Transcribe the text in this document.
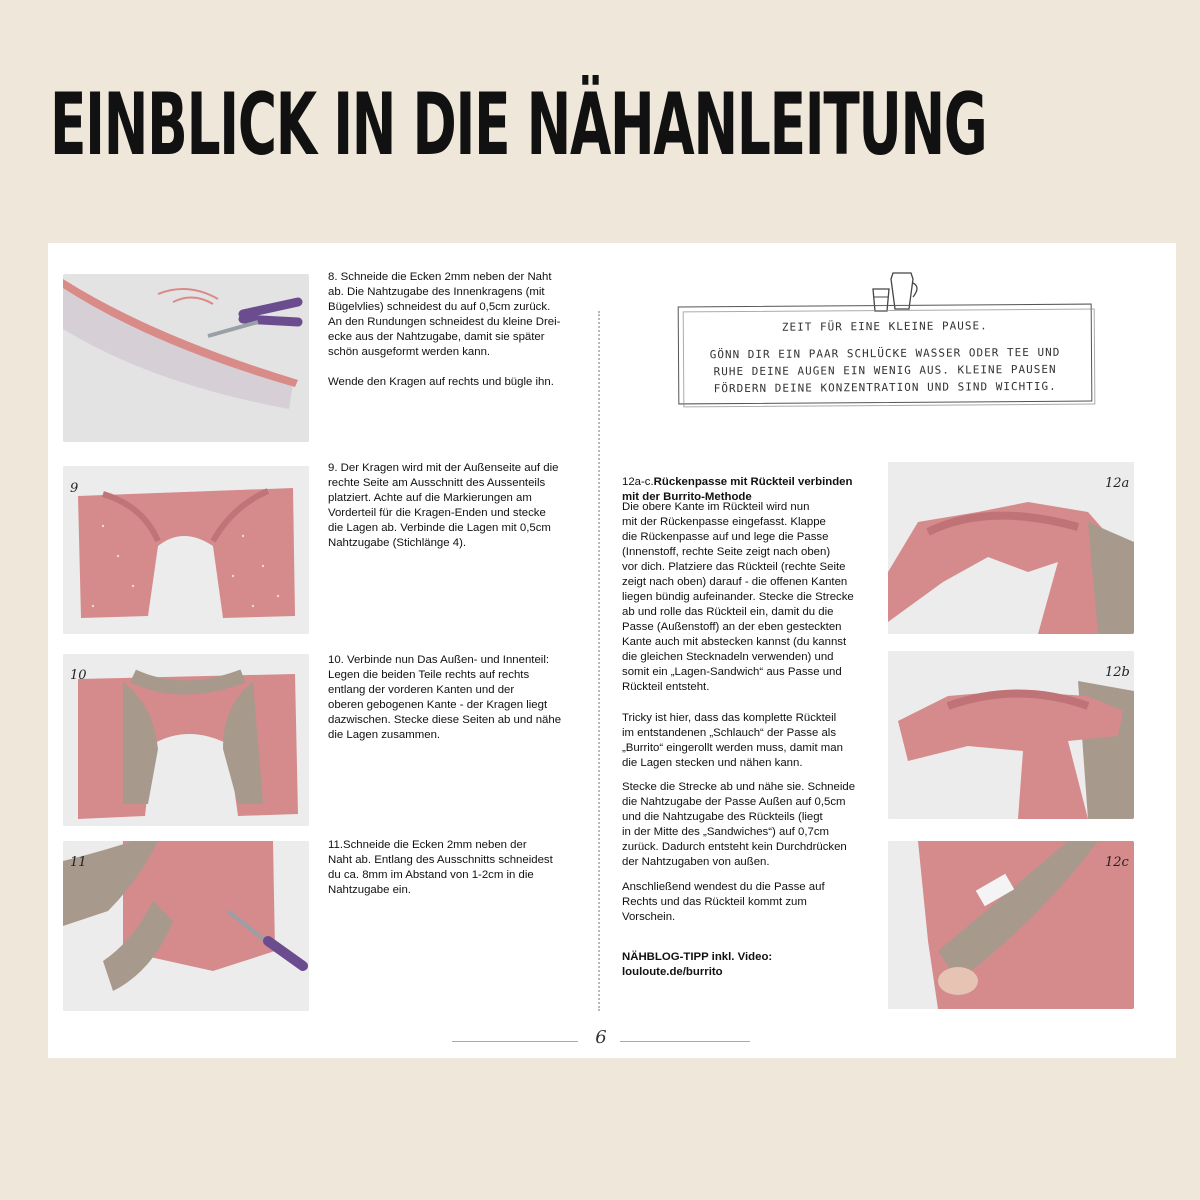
EINBLICK IN DIE NÄHANLEITUNG
8. Schneide die Ecken 2mm neben der Naht
ab. Die Nahtzugabe des Innenkragens (mit
Bügelvlies) schneidest du auf 0,5cm zurück.
An den Rundungen schneidest du kleine Drei-
ecke aus der Nahtzugabe, damit sie später
schön ausgeformt werden kann.

Wende den Kragen auf rechts und bügle ihn.
9
9. Der Kragen wird mit der Außenseite auf die
rechte Seite am Ausschnitt des Aussenteils
platziert. Achte auf die Markierungen am
Vorderteil für die Kragen-Enden und stecke
die Lagen ab. Verbinde die Lagen mit 0,5cm
Nahtzugabe (Stichlänge 4).
10
10. Verbinde nun Das Außen- und Innenteil:
Legen die beiden Teile rechts auf rechts
entlang der vorderen Kanten und der
oberen gebogenen Kante - der Kragen liegt
dazwischen. Stecke diese Seiten ab und nähe
die Lagen zusammen.
11
11.Schneide die Ecken 2mm neben der
Naht ab. Entlang des Ausschnitts schneidest
du ca. 8mm im Abstand von 1-2cm in die
Nahtzugabe ein.
ZEIT FÜR EINE KLEINE PAUSE.
GÖNN DIR EIN PAAR SCHLÜCKE WASSER ODER TEE UND
RUHE DEINE AUGEN EIN WENIG AUS. KLEINE PAUSEN
FÖRDERN DEINE KONZENTRATION UND SIND WICHTIG.

12a-c.Rückenpasse mit Rückteil verbinden
mit der Burrito-Methode

Die obere Kante im Rückteil wird nun
mit der Rückenpasse eingefasst. Klappe
die Rückenpasse auf und lege die Passe
(Innenstoff, rechte Seite zeigt nach oben)
vor dich. Platziere das Rückteil (rechte Seite
zeigt nach oben) darauf - die offenen Kanten
liegen bündig aufeinander. Stecke die Strecke
ab und rolle das Rückteil ein, damit du die
Passe (Außenstoff) an der eben gesteckten
Kante auch mit abstecken kannst (du kannst
die gleichen Stecknadeln verwenden) und
somit ein „Lagen-Sandwich“ aus Passe und
Rückteil entsteht.
Tricky ist hier, dass das komplette Rückteil
im entstandenen „Schlauch“ der Passe als
„Burrito“ eingerollt werden muss, damit man
die Lagen stecken und nähen kann.
Stecke die Strecke ab und nähe sie. Schneide
die Nahtzugabe der Passe Außen auf 0,5cm
und die Nahtzugabe des Rückteils (liegt
in der Mitte des „Sandwiches“) auf 0,7cm
zurück. Dadurch entsteht kein Durchdrücken
der Nahtzugaben von außen.
Anschließend wendest du die Passe auf
Rechts und das Rückteil kommt zum
Vorschein.
NÄHBLOG-TIPP inkl. Video:
louloute.de/burrito
12a
12b
12c
6
